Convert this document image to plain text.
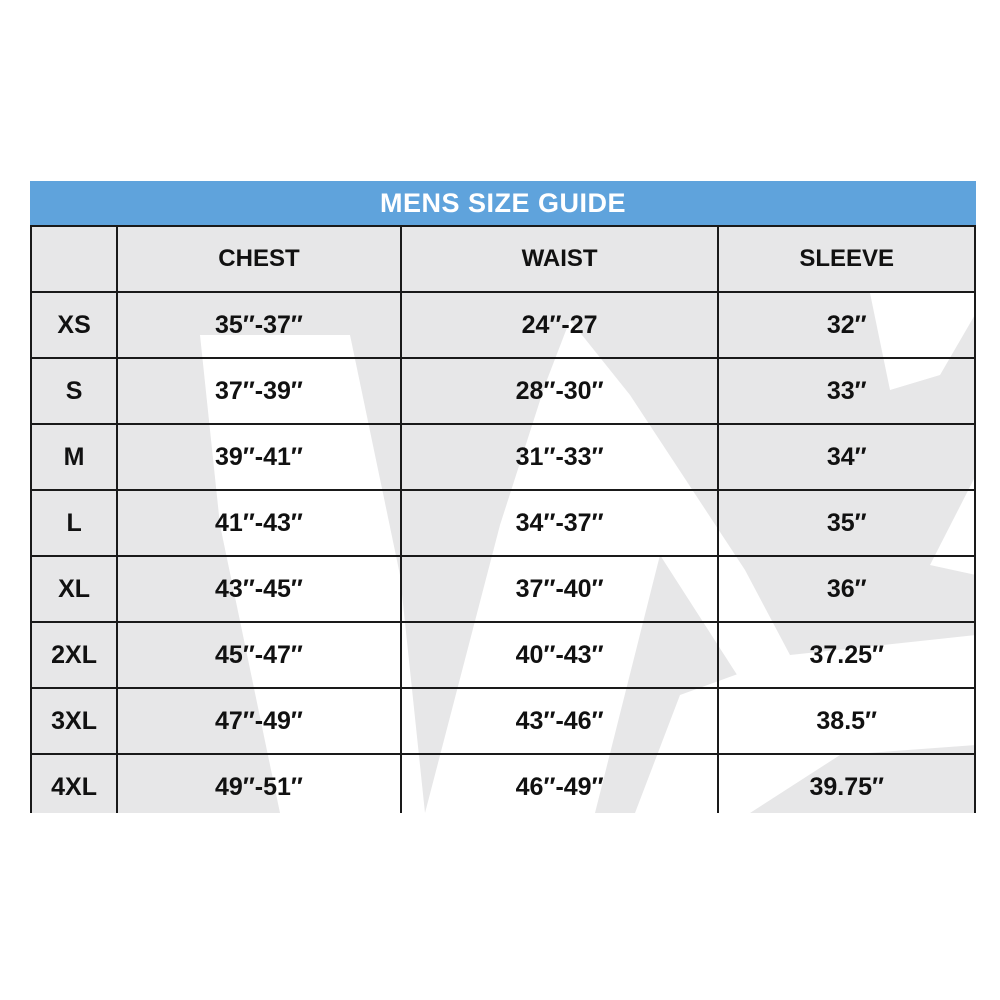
MENS SIZE GUIDE
	CHEST	WAIST	SLEEVE
XS	35″-37″	24″-27	32″
S	37″-39″	28″-30″	33″
M	39″-41″	31″-33″	34″
L	41″-43″	34″-37″	35″
XL	43″-45″	37″-40″	36″
2XL	45″-47″	40″-43″	37.25″
3XL	47″-49″	43″-46″	38.5″
4XL	49″-51″	46″-49″	39.75″
